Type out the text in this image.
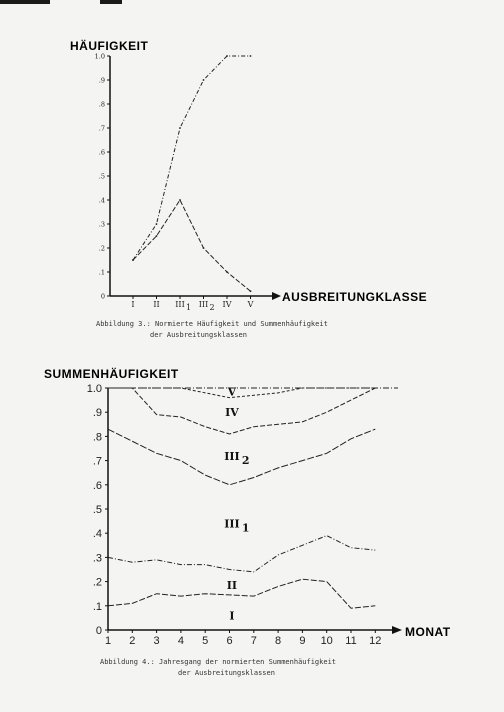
HÄUFIGKEIT
AUSBREITUNGKLASSE
0
.1
.2
.3
.4
.5
.6
.7
.8
.9
1.0
I II III 1 III 2 IV V
Abbildung 3.: Normierte Häufigkeit und Summenhäufigkeit
der Ausbreitungsklassen
SUMMENHÄUFIGKEIT
MONAT
0
.1
.2
.3
.4
.5
.6
.7
.8
.9
1.0
1 2 3 4 5 6 7 8 9 10 11 12
I
II
III 1
III 2
IV
V
Abbildung 4.: Jahresgang der normierten Summenhäufigkeit
der Ausbreitungsklassen
